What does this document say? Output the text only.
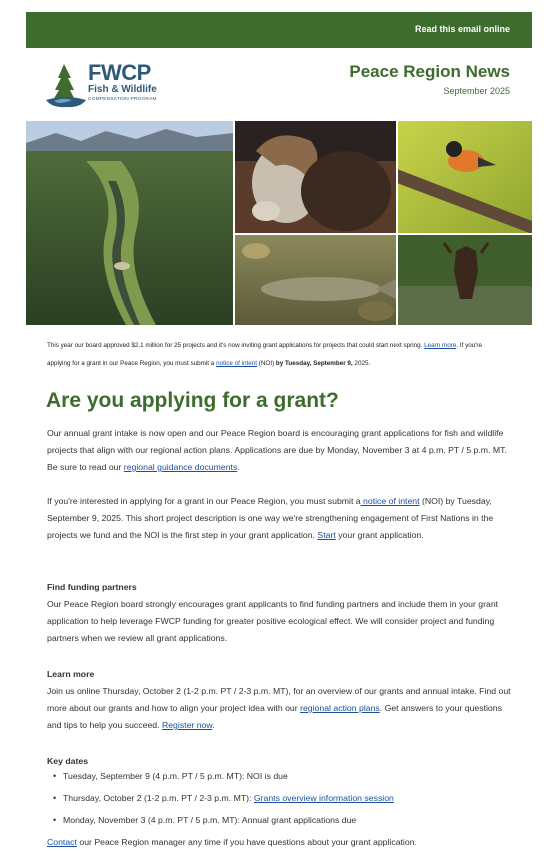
Read this email online
FWCP
Fish & Wildlife
COMPENSATION PROGRAM
Peace Region News
September 2025
This year our board approved $2.1 million for 25 projects and it's now inviting grant applications for projects that could start next spring. Learn more. If you're applying for a grant in our Peace Region, you must submit a notice of intent (NOI) by Tuesday, September 9, 2025.
Are you applying for a grant?
Our annual grant intake is now open and our Peace Region board is encouraging grant applications for fish and wildlife projects that align with our regional action plans. Applications are due by Monday, November 3 at 4 p.m. PT / 5 p.m. MT. Be sure to read our regional guidance documents.
If you're interested in applying for a grant in our Peace Region, you must submit a notice of intent (NOI) by Tuesday, September 9, 2025. This short project description is one way we're strengthening engagement of First Nations in the projects we fund and the NOI is the first step in your grant application. Start your grant application.
Find funding partners
Our Peace Region board strongly encourages grant applicants to find funding partners and include them in your grant application to help leverage FWCP funding for greater positive ecological effect. We will consider project and funding partners when we review all grant applications.
Learn more
Join us online Thursday, October 2 (1-2 p.m. PT / 2-3 p.m. MT), for an overview of our grants and annual intake. Find out more about our grants and how to align your project idea with our regional action plans. Get answers to your questions and tips to help you succeed. Register now.
Key dates
• Tuesday, September 9 (4 p.m. PT / 5 p.m. MT): NOI is due
• Thursday, October 2 (1-2 p.m. PT / 2-3 p.m. MT): Grants overview information session
• Monday, November 3 (4 p.m. PT / 5 p.m. MT): Annual grant applications due
Contact our Peace Region manager any time if you have questions about your grant application.
